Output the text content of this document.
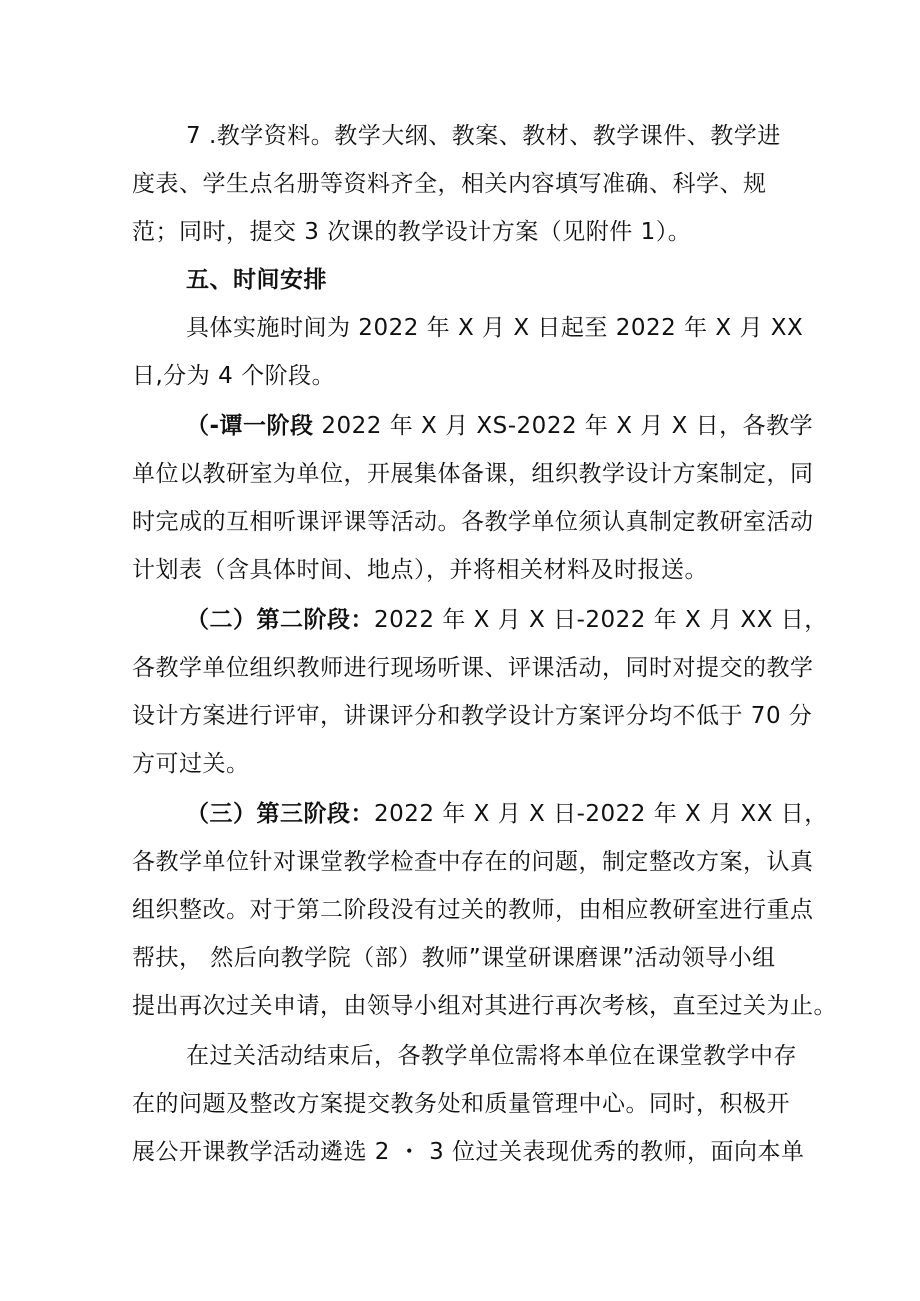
7 .教学资料。教学大纲、教案、教材、教学课件、教学进
度表、学生点名册等资料齐全，相关内容填写准确、科学、规
范；同时，提交 3 次课的教学设计方案（见附件 1）。
五、时间安排
具体实施时间为 2022 年 X 月 X 日起至 2022 年 X 月 XX
日,分为 4 个阶段。
（-谭一阶段 2022 年 X 月 XS-2022 年 X 月 X 日，各教学
单位以教研室为单位，开展集体备课，组织教学设计方案制定，同
时完成的互相听课评课等活动。各教学单位须认真制定教研室活动
计划表（含具体时间、地点），并将相关材料及时报送。
（二）第二阶段：2022 年 X 月 X 日-2022 年 X 月 XX 日，
各教学单位组织教师进行现场听课、评课活动，同时对提交的教学
设计方案进行评审，讲课评分和教学设计方案评分均不低于 70 分
方可过关。
（三）第三阶段：2022 年 X 月 X 日-2022 年 X 月 XX 日，
各教学单位针对课堂教学检查中存在的问题，制定整改方案，认真
组织整改。对于第二阶段没有过关的教师，由相应教研室进行重点
帮扶， 然后向教学院（部）教师”课堂研课磨课”活动领导小组
提出再次过关申请，由领导小组对其进行再次考核，直至过关为止。
在过关活动结束后，各教学单位需将本单位在课堂教学中存
在的问题及整改方案提交教务处和质量管理中心。同时，积极开
展公开课教学活动遴选 2 ・ 3 位过关表现优秀的教师，面向本单
